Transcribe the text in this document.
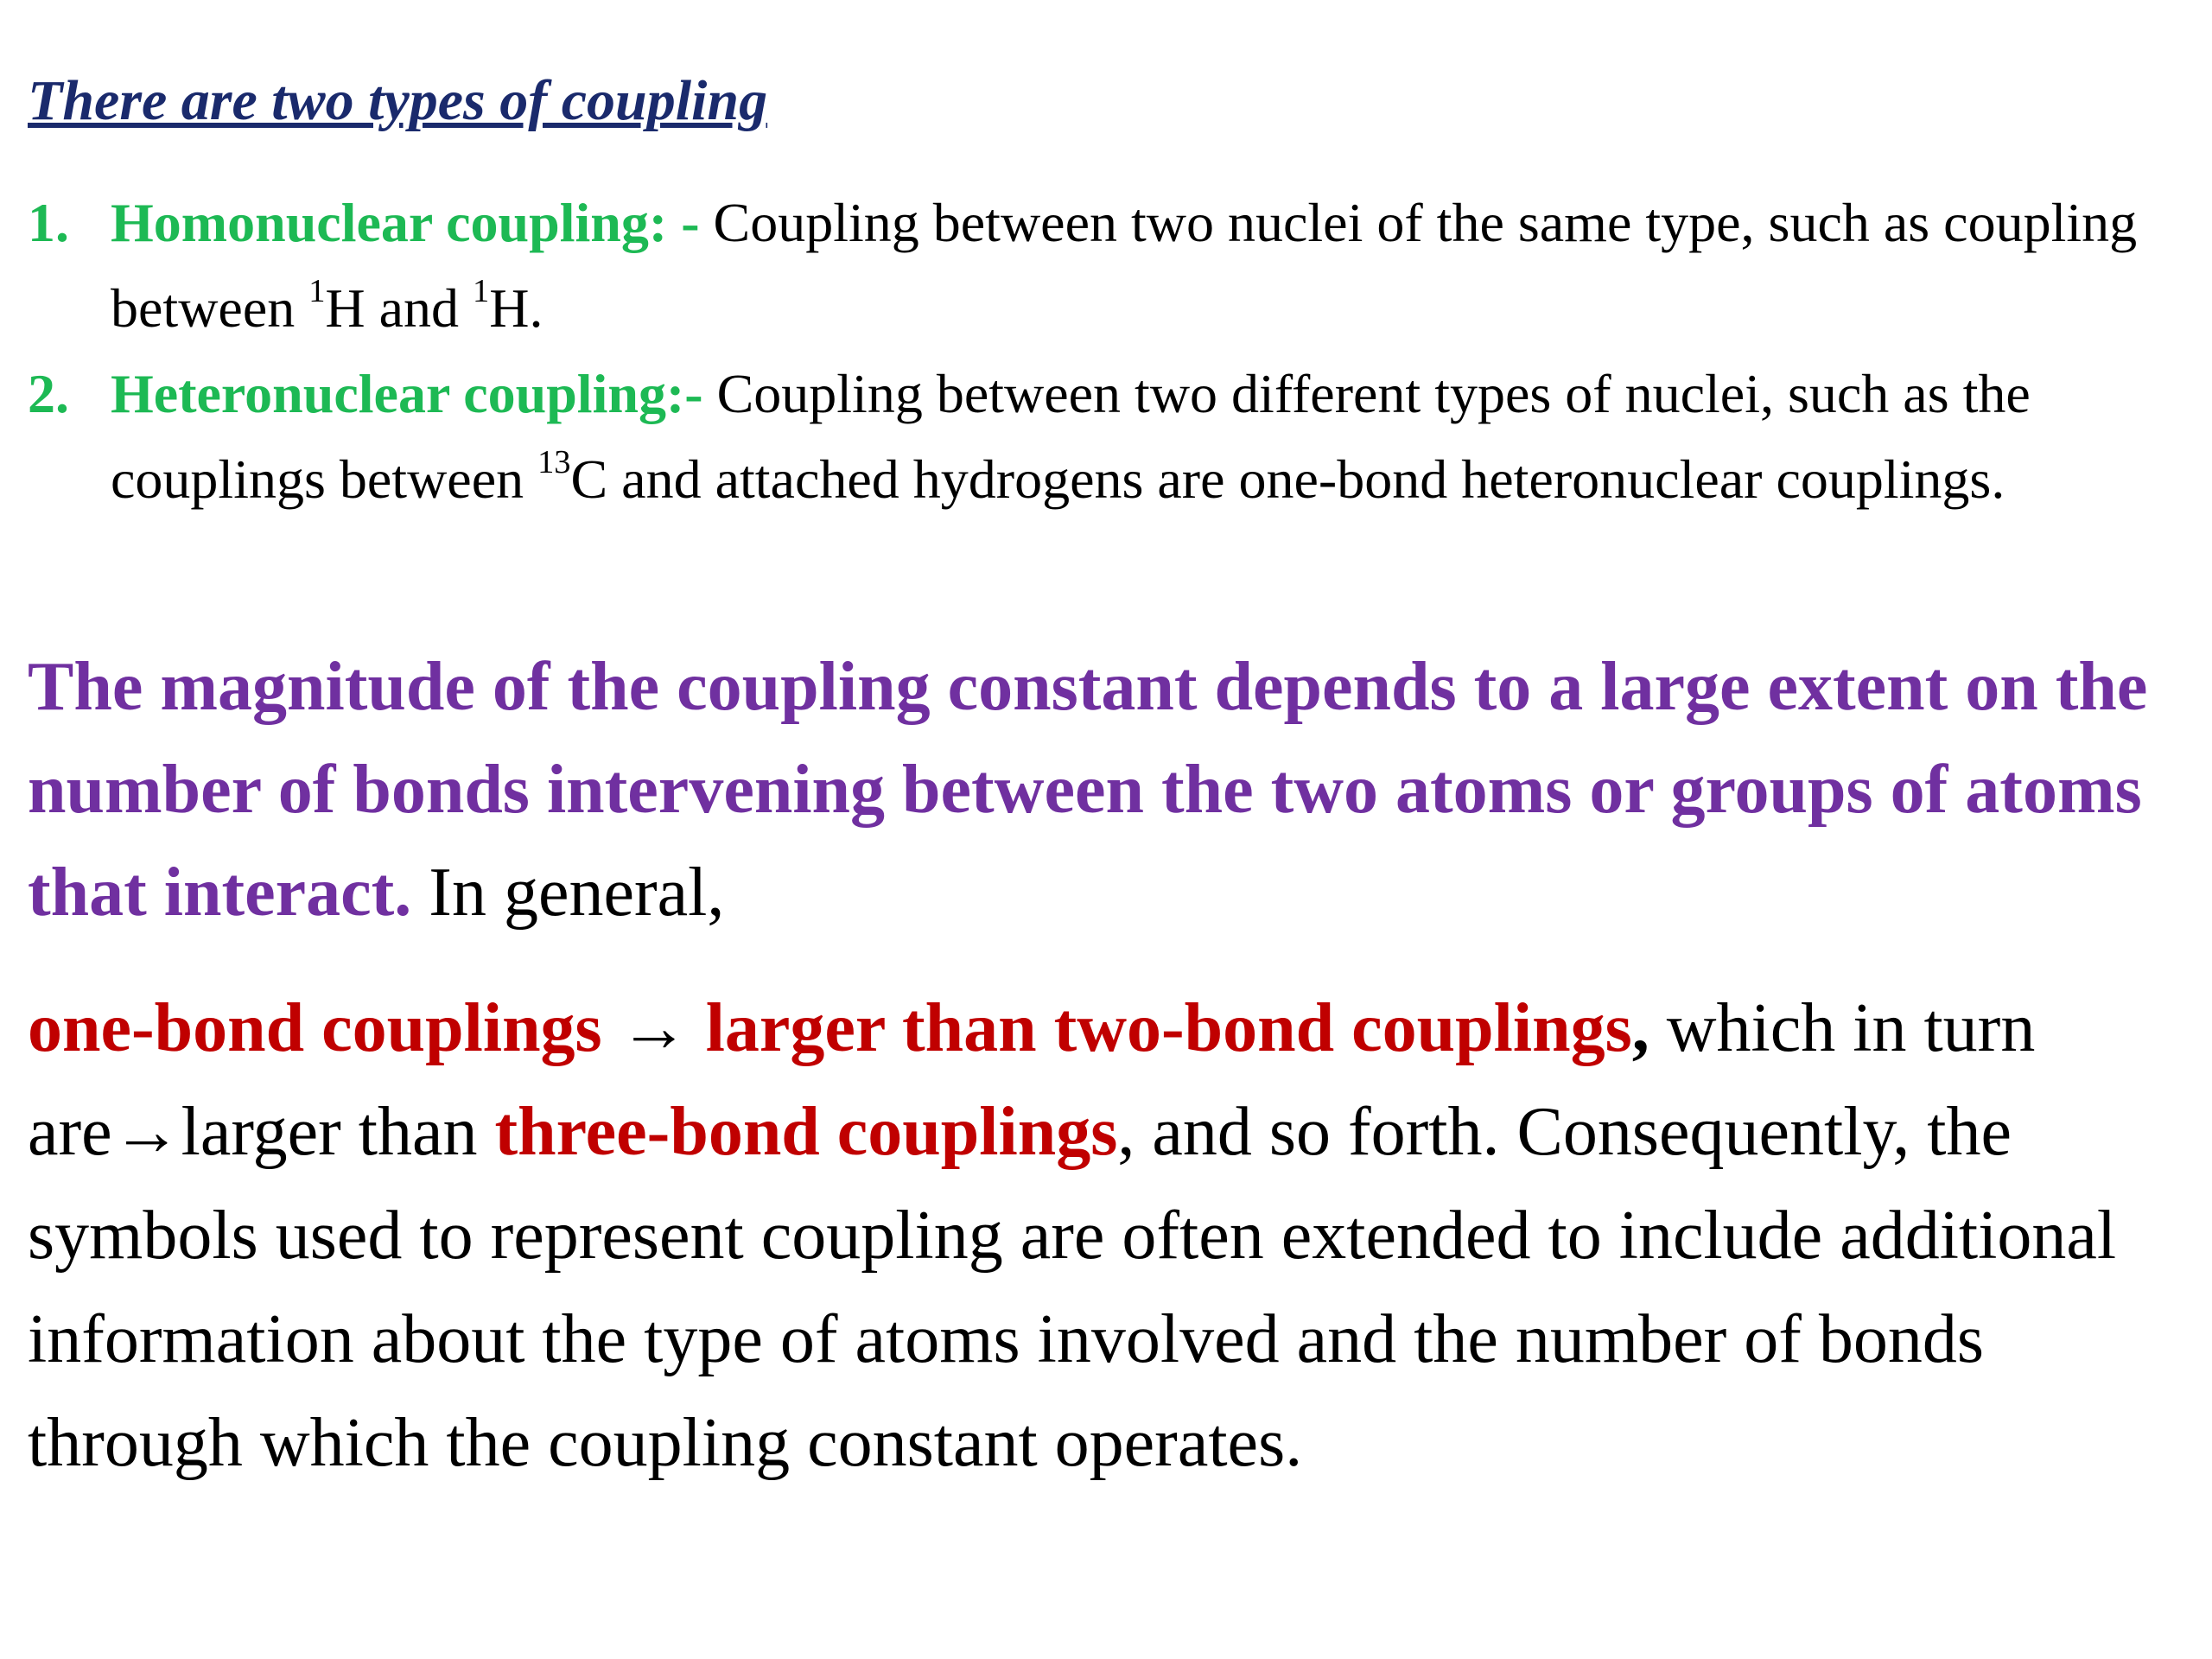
There are two types of coupling
1. Homonuclear coupling: - Coupling between two nuclei of the same type, such as coupling between $^1$H and $^1$H.
2. Heteronuclear coupling:- Coupling between two different types of nuclei, such as the couplings between $^{13}$C and attached hydrogens are one-bond heteronuclear couplings.
The magnitude of the coupling constant depends to a large extent on the number of bonds intervening between the two atoms or groups of atoms that interact. In general,
one-bond couplings → larger than two-bond couplings, which in turn are→larger than three-bond couplings, and so forth. Consequently, the symbols used to represent coupling are often extended to include additional information about the type of atoms involved and the number of bonds through which the coupling constant operates.
